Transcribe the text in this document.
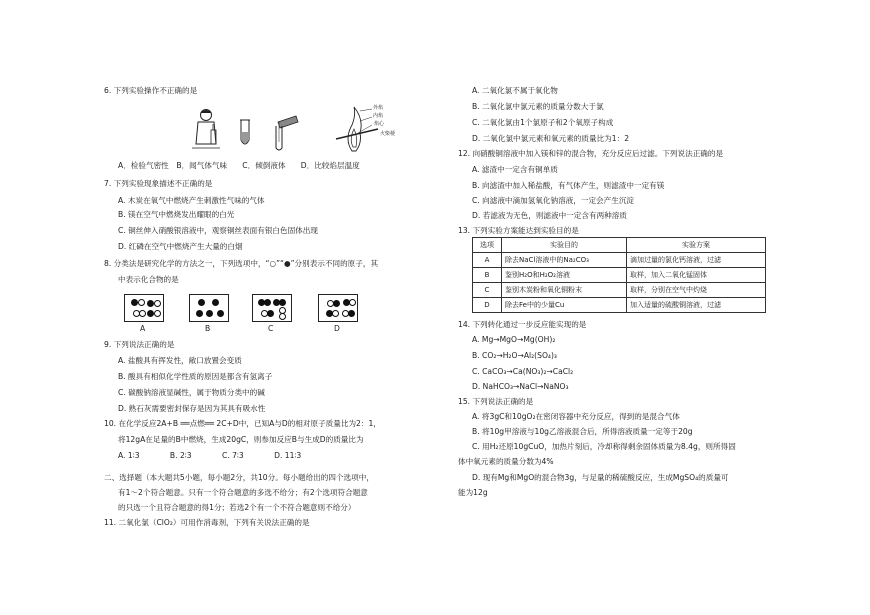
6. 下列实验操作不正确的是
外焰
内焰
焰心
火柴梗
A．检验气密性　B．闻气体气味　　C．倾倒液体　　D．比较焰层温度
7. 下列实验现象描述不正确的是
A. 木炭在氧气中燃烧产生刺激性气味的气体
B. 镁在空气中燃烧发出耀眼的白光
C. 铜丝伸入硝酸银溶液中，观察铜丝表面有银白色固体出现
D. 红磷在空气中燃烧产生大量的白烟
8. 分类法是研究化学的方法之一，下列选项中，“○”“●”分别表示不同的原子，其
中表示化合物的是
A	B	C	D
9. 下列说法正确的是
A. 盐酸具有挥发性，敞口放置会变质
B. 酸具有相似化学性质的原因是都含有氢离子
C. 碳酸钠溶液显碱性，属于物质分类中的碱
D. 熟石灰需要密封保存是因为其具有吸水性
10. 在化学反应2A+B ══点燃══ 2C+D中，已知A与D的相对原子质量比为2：1，
将12gA在足量的B中燃烧，生成20gC，则参加反应B与生成D的质量比为
A. 1∶3　　　　B. 2∶3　　　　C. 7∶3　　　　D. 11∶3
二、选择题（本大题共5小题，每小题2分，共10分。每小题给出的四个选项中，
有1～2个符合题意。只有一个符合题意的多选不给分；有2个选项符合题意
的只选一个且符合题意的得1分；若选2个有一个不符合题意则不给分）
11. 二氧化氯（ClO₂）可用作消毒剂，下列有关说法正确的是
A. 二氧化氯不属于氧化物
B. 二氧化氯中氯元素的质量分数大于氯
C. 二氧化氯由1个氯原子和2个氧原子构成
D. 二氧化氯中氯元素和氧元素的质量比为1：2
12. 向硝酸铜溶液中加入镁和锌的混合物，充分反应后过滤。下列说法正确的是
A. 滤渣中一定含有铜单质
B. 向滤渣中加入稀盐酸，有气体产生，则滤渣中一定有镁
C. 向滤液中滴加氢氧化钠溶液，一定会产生沉淀
D. 若滤液为无色，则滤液中一定含有两种溶质
13. 下列实验方案能达到实验目的是
选项	实验目的	实验方案
A	除去NaCl溶液中的Na₂CO₃	滴加过量的氯化钙溶液，过滤
B	鉴别H₂O和H₂O₂溶液	取样，加入二氧化锰固体
C	鉴别木炭粉和氧化铜粉末	取样，分别在空气中灼烧
D	除去Fe中的少量Cu	加入适量的硫酸铜溶液，过滤
14. 下列转化通过一步反应能实现的是
A. Mg→MgO→Mg(OH)₂
B. CO₂→H₂O→Al₂(SO₄)₃
C. CaCO₃→Ca(NO₃)₂→CaCl₂
D. NaHCO₃→NaCl→NaNO₃
15. 下列说法正确的是
A. 将3gC和10gO₂在密闭容器中充分反应，得到的是混合气体
B. 将10g甲溶液与10g乙溶液混合后，所得溶液质量一定等于20g
C. 用H₂还原10gCuO，加热片刻后，冷却称得剩余固体质量为8.4g，则所得固
体中氧元素的质量分数为4%
D. 现有Mg和MgO的混合物3g，与足量的稀硫酸反应，生成MgSO₄的质量可
能为12g
